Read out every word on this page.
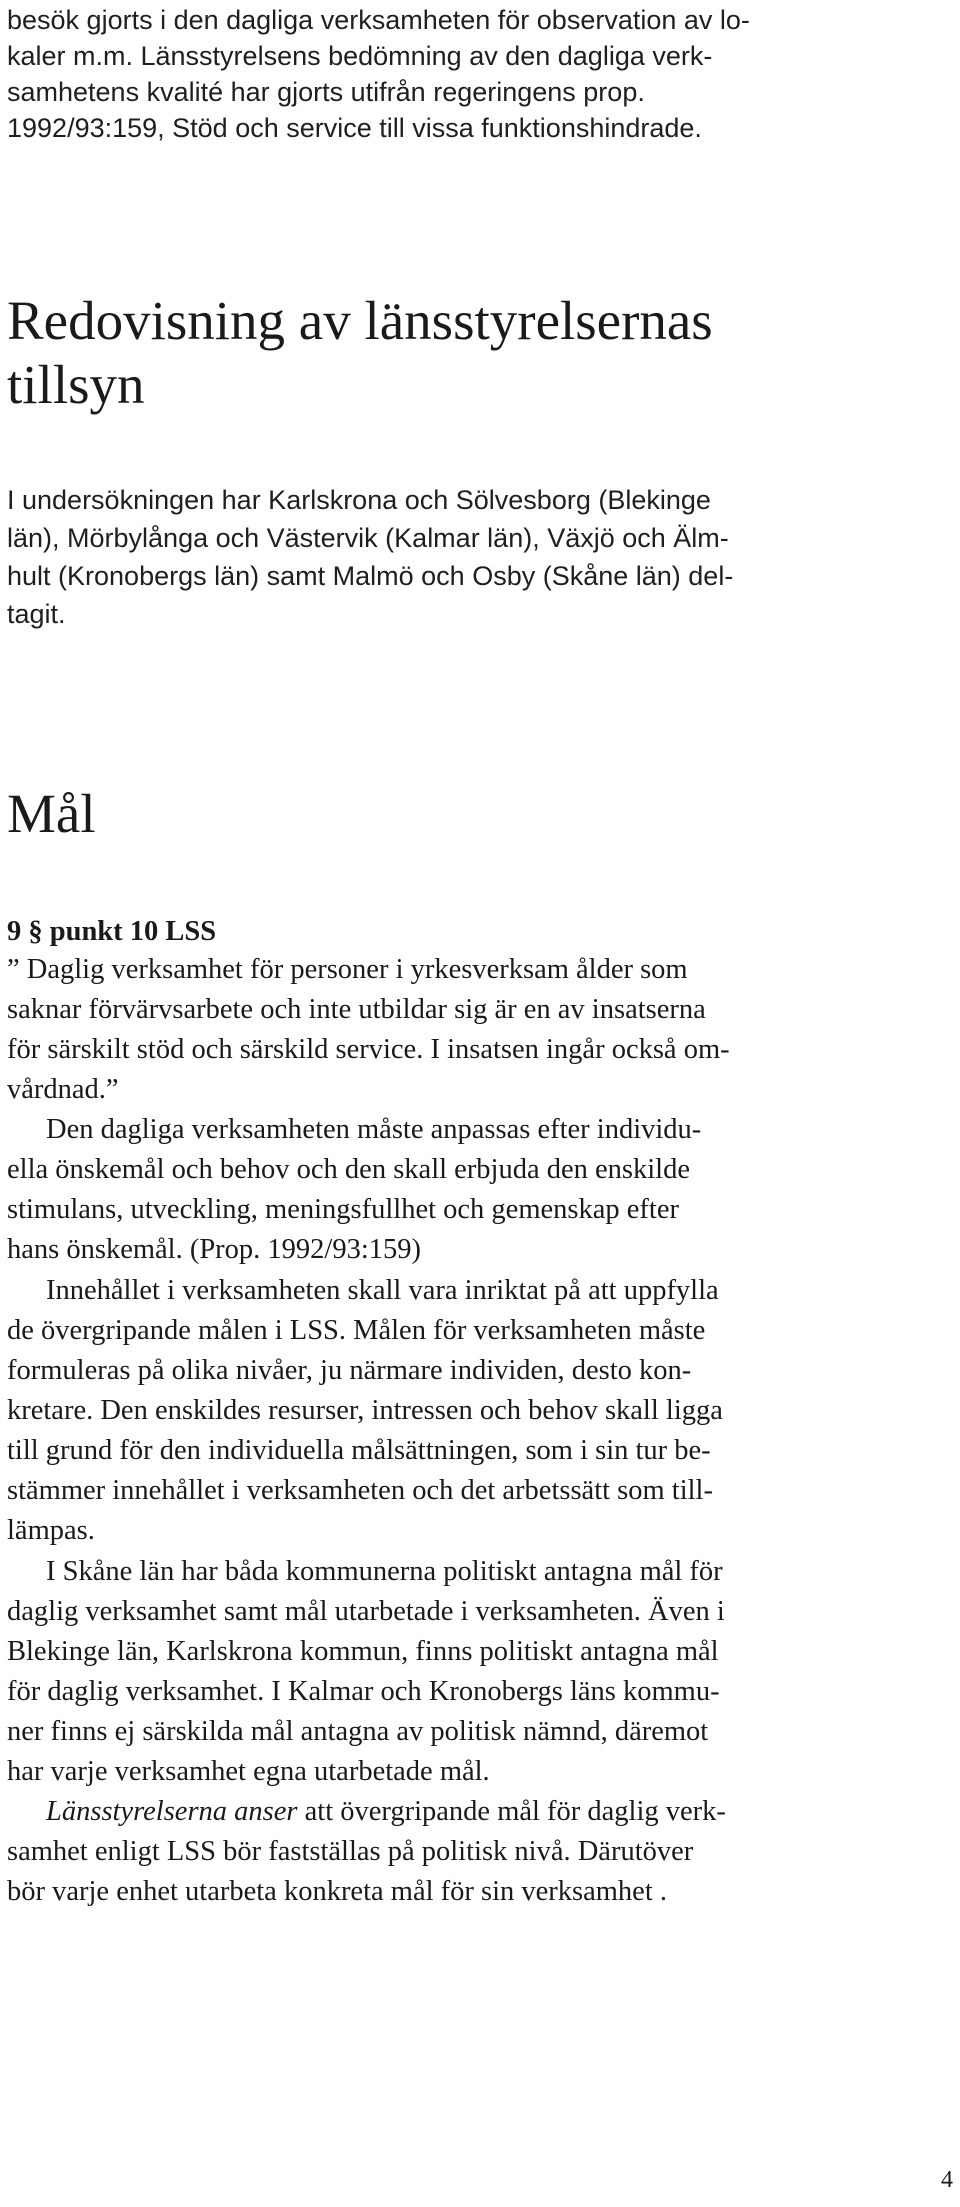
besök gjorts i den dagliga verksamheten för observation av lo-

kaler m.m. Länsstyrelsens bedömning av den dagliga verk-

samhetens kvalité har gjorts utifrån regeringens prop.

1992/93:159, Stöd och service till vissa funktionshindrade.

Redovisning av länsstyrelsernas
tillsyn

I undersökningen har Karlskrona och Sölvesborg (Blekinge

län), Mörbylånga och Västervik (Kalmar län), Växjö och Älm-

hult (Kronobergs län) samt Malmö och Osby (Skåne län) del-

tagit.

Mål

9 § punkt 10 LSS

” Daglig verksamhet för personer i yrkesverksam ålder som

saknar förvärvsarbete och inte utbildar sig är en av insatserna

för särskilt stöd och särskild service. I insatsen ingår också om-

vårdnad.”

Den dagliga verksamheten måste anpassas efter individu-

ella önskemål och behov och den skall erbjuda den enskilde

stimulans, utveckling, meningsfullhet och gemenskap efter

hans önskemål. (Prop. 1992/93:159)

Innehållet i verksamheten skall vara inriktat på att uppfylla

de övergripande målen i LSS. Målen för verksamheten måste

formuleras på olika nivåer, ju närmare individen, desto kon-

kretare. Den enskildes resurser, intressen och behov skall ligga

till grund för den individuella målsättningen, som i sin tur be-

stämmer innehållet i verksamheten och det arbetssätt som till-

lämpas.

I Skåne län har båda kommunerna politiskt antagna mål för

daglig verksamhet samt mål utarbetade i verksamheten. Även i

Blekinge län, Karlskrona kommun, finns politiskt antagna mål

för daglig verksamhet. I Kalmar och Kronobergs läns kommu-

ner finns ej särskilda mål antagna av politisk nämnd, däremot

har varje verksamhet egna utarbetade mål.

Länsstyrelserna anser att övergripande mål för daglig verk-

samhet enligt LSS bör fastställas på politisk nivå. Därutöver

bör varje enhet utarbeta konkreta mål för sin verksamhet .

4
